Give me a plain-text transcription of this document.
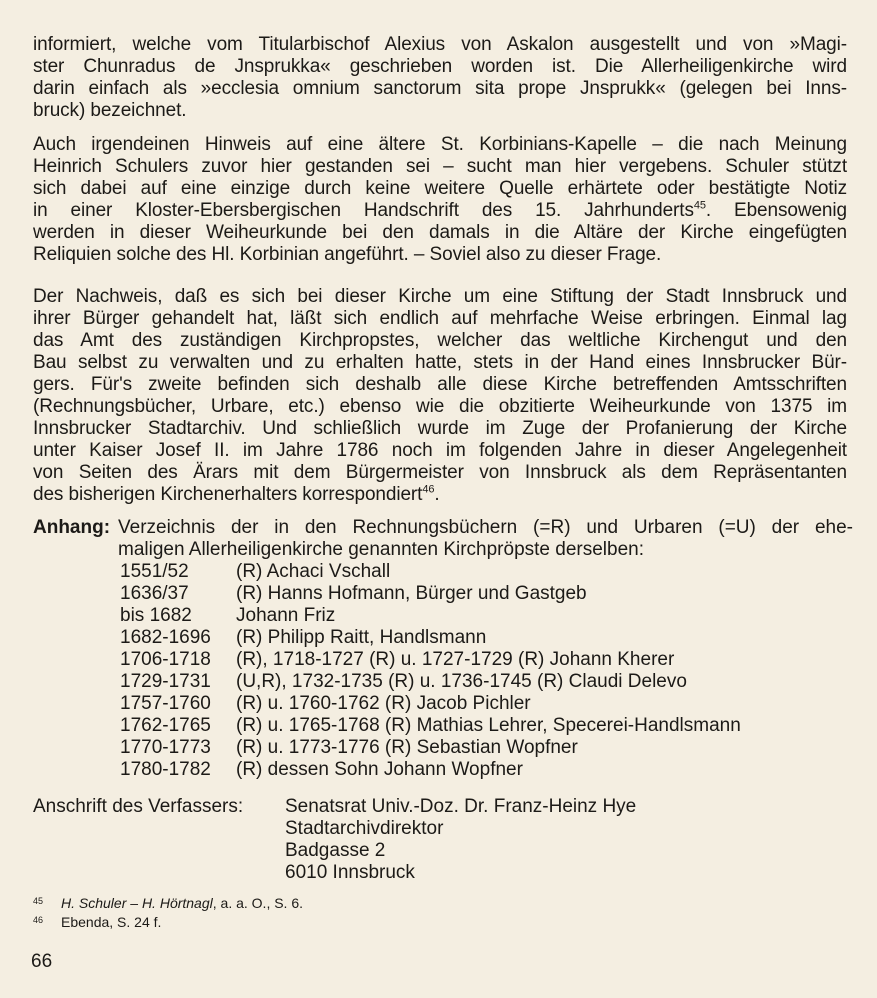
informiert, welche vom Titularbischof Alexius von Askalon ausgestellt und von »Magi-
ster Chunradus de Jnsprukka« geschrieben worden ist. Die Allerheiligenkirche wird
darin einfach als »ecclesia omnium sanctorum sita prope Jnsprukk« (gelegen bei Inns-
bruck) bezeichnet.

Auch irgendeinen Hinweis auf eine ältere St. Korbinians-Kapelle – die nach Meinung
Heinrich Schulers zuvor hier gestanden sei – sucht man hier vergebens. Schuler stützt
sich dabei auf eine einzige durch keine weitere Quelle erhärtete oder bestätigte Notiz
in einer Kloster-Ebersbergischen Handschrift des 15. Jahrhunderts$^{45}$. Ebensowenig
werden in dieser Weiheurkunde bei den damals in die Altäre der Kirche eingefügten
Reliquien solche des Hl. Korbinian angeführt. – Soviel also zu dieser Frage.

Der Nachweis, daß es sich bei dieser Kirche um eine Stiftung der Stadt Innsbruck und
ihrer Bürger gehandelt hat, läßt sich endlich auf mehrfache Weise erbringen. Einmal lag
das Amt des zuständigen Kirchpropstes, welcher das weltliche Kirchengut und den
Bau selbst zu verwalten und zu erhalten hatte, stets in der Hand eines Innsbrucker Bür-
gers. Für's zweite befinden sich deshalb alle diese Kirche betreffenden Amtsschriften
(Rechnungsbücher, Urbare, etc.) ebenso wie die obzitierte Weiheurkunde von 1375 im
Innsbrucker Stadtarchiv. Und schließlich wurde im Zuge der Profanierung der Kirche
unter Kaiser Josef II. im Jahre 1786 noch im folgenden Jahre in dieser Angelegenheit
von Seiten des Ärars mit dem Bürgermeister von Innsbruck als dem Repräsentanten
des bisherigen Kirchenerhalters korrespondiert$^{46}$.

Anhang: Verzeichnis der in den Rechnungsbüchern (=R) und Urbaren (=U) der ehe-
maligen Allerheiligenkirche genannten Kirchpröpste derselben:
1551/52 (R) Achaci Vschall
1636/37 (R) Hanns Hofmann, Bürger und Gastgeb
bis 1682 Johann Friz
1682-1696 (R) Philipp Raitt, Handlsmann
1706-1718 (R), 1718-1727 (R) u. 1727-1729 (R) Johann Kherer
1729-1731 (U,R), 1732-1735 (R) u. 1736-1745 (R) Claudi Delevo
1757-1760 (R) u. 1760-1762 (R) Jacob Pichler
1762-1765 (R) u. 1765-1768 (R) Mathias Lehrer, Specerei-Handlsmann
1770-1773 (R) u. 1773-1776 (R) Sebastian Wopfner
1780-1782 (R) dessen Sohn Johann Wopfner
Anschrift des Verfassers: Senatsrat Univ.-Doz. Dr. Franz-Heinz Hye
Stadtarchivdirektor
Badgasse 2
6010 Innsbruck
45 H. Schuler – H. Hörtnagl, a. a. O., S. 6.
46 Ebenda, S. 24 f.
66
